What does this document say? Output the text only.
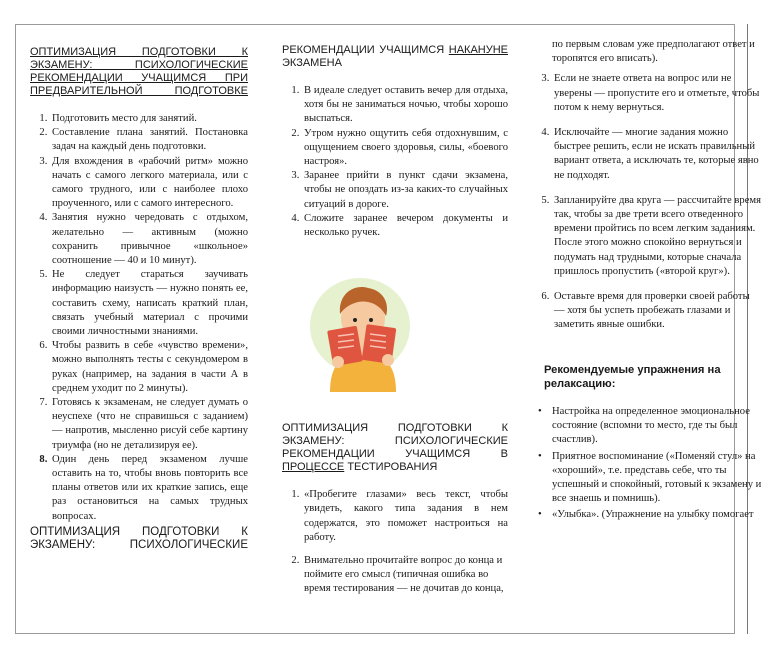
ОПТИМИЗАЦИЯ ПОДГОТОВКИ К ЭКЗАМЕНУ: ПСИХОЛОГИЧЕСКИЕ РЕКОМЕНДАЦИИ УЧАЩИМСЯ ПРИ ПРЕДВАРИТЕЛЬНОЙ ПОДГОТОВКЕ
1. Подготовить место для занятий.
2. Составление плана занятий. Постановка задач на каждый день подготовки.
3. Для вхождения в «рабочий ритм» можно начать с самого легкого материала, или с самого трудного, или с наиболее плохо проученного, или с самого интересного.
4. Занятия нужно чередовать с отдыхом, желательно — активным (можно сохранить привычное «школьное» соотношение — 40 и 10 минут).
5. Не следует стараться заучивать информацию наизусть — нужно понять ее, составить схему, написать краткий план, связать учебный материал с прочими своими личностными знаниями.
6. Чтобы развить в себе «чувство времени», можно выполнять тесты с секундомером в руках (например, на задания в части А в среднем уходит по 2 минуты).
7. Готовясь к экзаменам, не следует думать о неуспехе (что не справишься с заданием) — напротив, мысленно рисуй себе картину триумфа (но не детализируя ее).
8. Один день перед экзаменом лучше оставить на то, чтобы вновь повторить все планы ответов или их краткие запись, еще раз остановиться на самых трудных вопросах.
ОПТИМИЗАЦИЯ ПОДГОТОВКИ К ЭКЗАМЕНУ: ПСИХОЛОГИЧЕСКИЕ
РЕКОМЕНДАЦИИ УЧАЩИМСЯ НАКАНУНЕ ЭКЗАМЕНА
1. В идеале следует оставить вечер для отдыха, хотя бы не заниматься ночью, чтобы хорошо выспаться.
2. Утром нужно ощутить себя отдохнувшим, с ощущением своего здоровья, силы, «боевого настроя».
3. Заранее прийти в пункт сдачи экзамена, чтобы не опоздать из-за каких-то случайных ситуаций в дороге.
4. Сложите заранее вечером документы и несколько ручек.
ОПТИМИЗАЦИЯ ПОДГОТОВКИ К ЭКЗАМЕНУ: ПСИХОЛОГИЧЕСКИЕ РЕКОМЕНДАЦИИ УЧАЩИМСЯ В ПРОЦЕССЕ ТЕСТИРОВАНИЯ
1. «Пробегите глазами» весь текст, чтобы увидеть, какого типа задания в нем содержатся, это поможет настроиться на работу.
2. Внимательно прочитайте вопрос до конца и поймите его смысл (типичная ошибка во время тестирования — не дочитав до конца,
по первым словам уже предполагают ответ и торопятся его вписать).
3. Если не знаете ответа на вопрос или не уверены — пропустите его и отметьте, чтобы потом к нему вернуться.
4. Исключайте — многие задания можно быстрее решить, если не искать правильный вариант ответа, а исключать те, которые явно не подходят.
5. Запланируйте два круга — рассчитайте время так, чтобы за две трети всего отведенного времени пройтись по всем легким заданиям. После этого можно спокойно вернуться и подумать над трудными, которые сначала пришлось пропустить («второй круг»).
6. Оставьте время для проверки своей работы — хотя бы успеть пробежать глазами и заметить явные ошибки.
Рекомендуемые упражнения на релаксацию:
• Настройка на определенное эмоциональное состояние (вспомни то место, где ты был счастлив).
• Приятное воспоминание («Поменяй стул» на «хороший», т.е. представь себе, что ты успешный и спокойный, готовый к экзамену и все знаешь и помнишь).
• «Улыбка». (Упражнение на улыбку помогает
